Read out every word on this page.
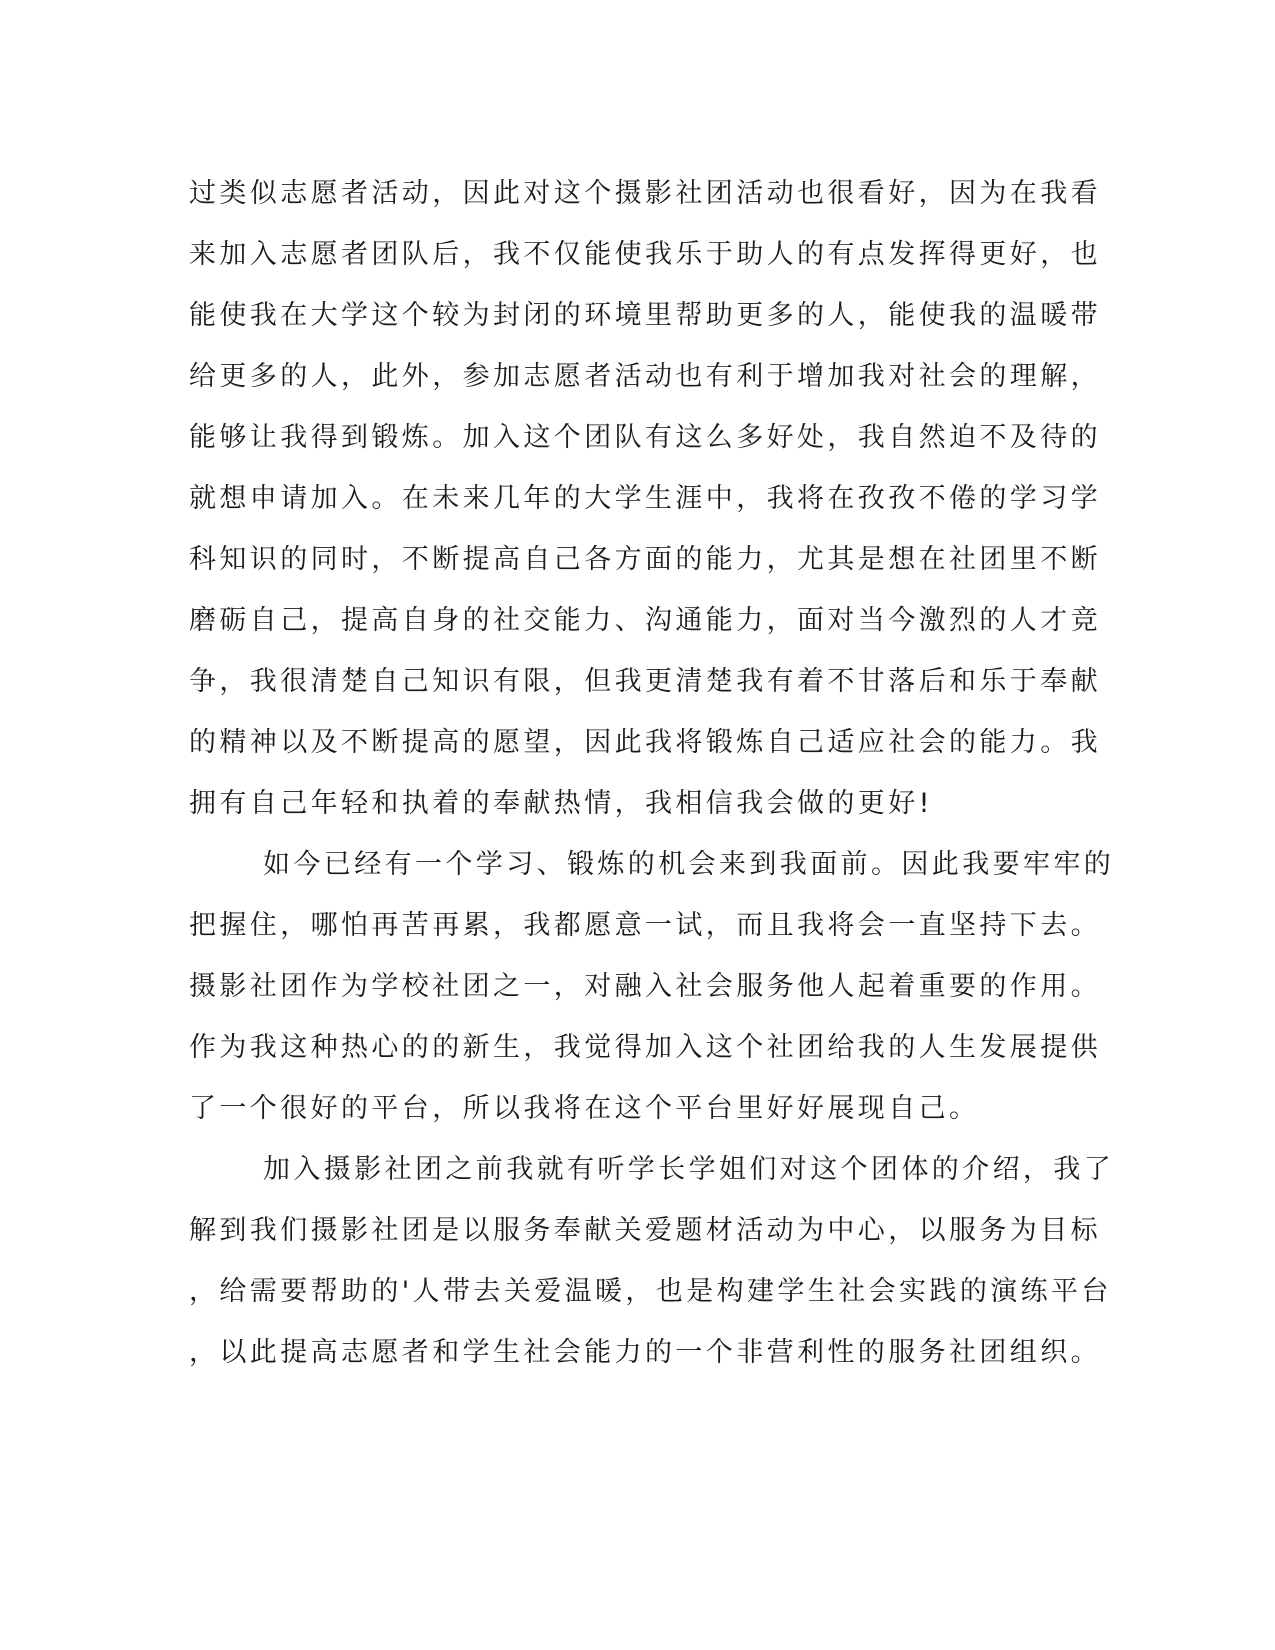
过类似志愿者活动，因此对这个摄影社团活动也很看好，因为在我看
来加入志愿者团队后，我不仅能使我乐于助人的有点发挥得更好，也
能使我在大学这个较为封闭的环境里帮助更多的人，能使我的温暖带
给更多的人，此外，参加志愿者活动也有利于增加我对社会的理解，
能够让我得到锻炼。加入这个团队有这么多好处，我自然迫不及待的
就想申请加入。在未来几年的大学生涯中，我将在孜孜不倦的学习学
科知识的同时，不断提高自己各方面的能力，尤其是想在社团里不断
磨砺自己，提高自身的社交能力、沟通能力，面对当今激烈的人才竞
争，我很清楚自己知识有限，但我更清楚我有着不甘落后和乐于奉献
的精神以及不断提高的愿望，因此我将锻炼自己适应社会的能力。我
拥有自己年轻和执着的奉献热情，我相信我会做的更好!
如今已经有一个学习、锻炼的机会来到我面前。因此我要牢牢的
把握住，哪怕再苦再累，我都愿意一试，而且我将会一直坚持下去。
摄影社团作为学校社团之一，对融入社会服务他人起着重要的作用。
作为我这种热心的的新生，我觉得加入这个社团给我的人生发展提供
了一个很好的平台，所以我将在这个平台里好好展现自己。
加入摄影社团之前我就有听学长学姐们对这个团体的介绍，我了
解到我们摄影社团是以服务奉献关爱题材活动为中心，以服务为目标
，给需要帮助的'人带去关爱温暖，也是构建学生社会实践的演练平台
，以此提高志愿者和学生社会能力的一个非营利性的服务社团组织。
